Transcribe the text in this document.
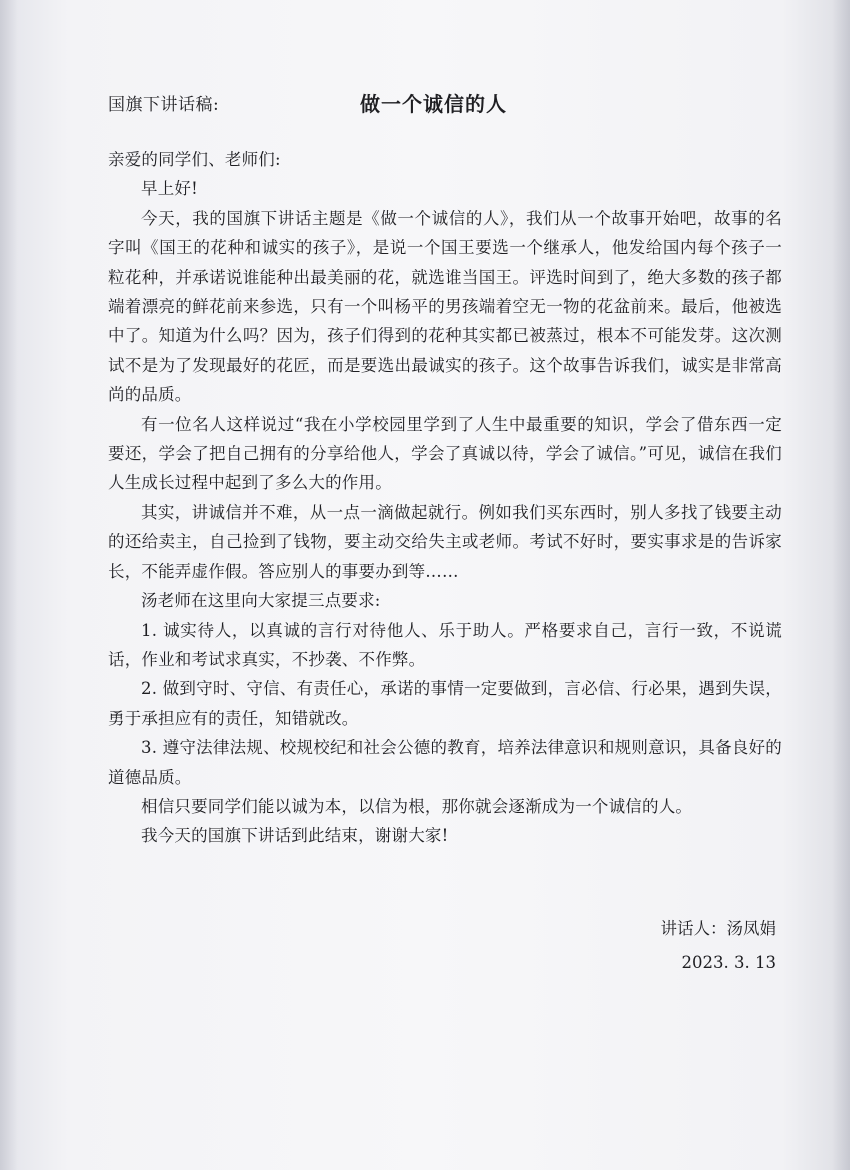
国旗下讲话稿:	做一个诚信的人

亲爱的同学们、老师们:

早上好!

今天，我的国旗下讲话主题是《做一个诚信的人》，我们从一个故事开始吧，故事的名字叫《国王的花种和诚实的孩子》，是说一个国王要选一个继承人，他发给国内每个孩子一粒花种，并承诺说谁能种出最美丽的花，就选谁当国王。评选时间到了，绝大多数的孩子都端着漂亮的鲜花前来参选，只有一个叫杨平的男孩端着空无一物的花盆前来。最后，他被选中了。知道为什么吗？因为，孩子们得到的花种其实都已被蒸过，根本不可能发芽。这次测试不是为了发现最好的花匠，而是要选出最诚实的孩子。这个故事告诉我们，诚实是非常高尚的品质。

有一位名人这样说过“我在小学校园里学到了人生中最重要的知识，学会了借东西一定要还，学会了把自己拥有的分享给他人，学会了真诚以待，学会了诚信。”可见，诚信在我们人生成长过程中起到了多么大的作用。

其实，讲诚信并不难，从一点一滴做起就行。例如我们买东西时，别人多找了钱要主动的还给卖主，自己捡到了钱物，要主动交给失主或老师。考试不好时，要实事求是的告诉家长，不能弄虚作假。答应别人的事要办到等……

汤老师在这里向大家提三点要求:

1. 诚实待人，以真诚的言行对待他人、乐于助人。严格要求自己，言行一致，不说谎话，作业和考试求真实，不抄袭、不作弊。

2. 做到守时、守信、有责任心，承诺的事情一定要做到，言必信、行必果，遇到失误，勇于承担应有的责任，知错就改。

3. 遵守法律法规、校规校纪和社会公德的教育，培养法律意识和规则意识，具备良好的道德品质。

相信只要同学们能以诚为本，以信为根，那你就会逐渐成为一个诚信的人。

我今天的国旗下讲话到此结束，谢谢大家!

讲话人：汤凤娟
2023. 3. 13
